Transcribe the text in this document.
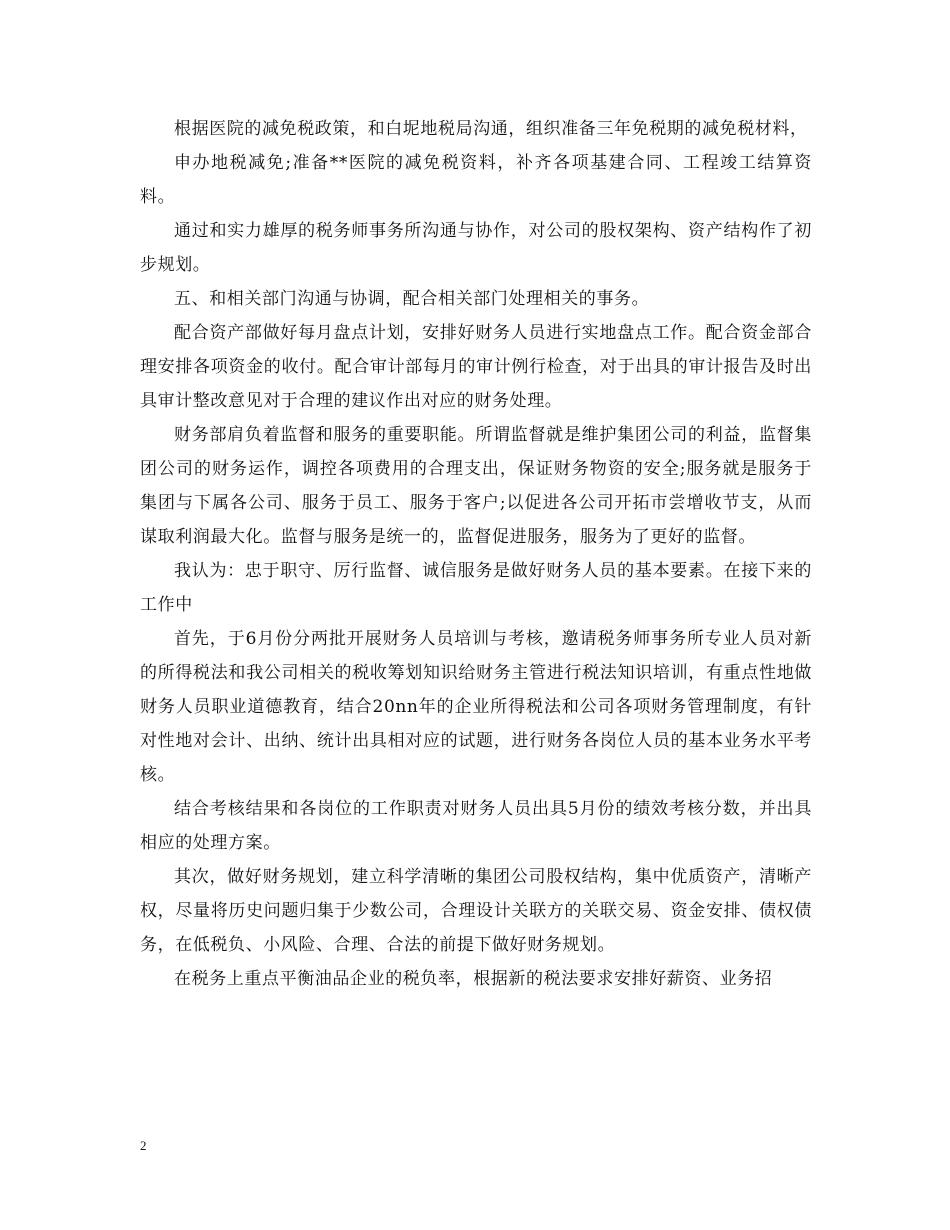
根据医院的减免税政策，和白坭地税局沟通，组织准备三年免税期的减免税材料，

申办地税减免;准备**医院的减免税资料，补齐各项基建合同、工程竣工结算资料。

通过和实力雄厚的税务师事务所沟通与协作，对公司的股权架构、资产结构作了初步规划。

五、和相关部门沟通与协调，配合相关部门处理相关的事务。

配合资产部做好每月盘点计划，安排好财务人员进行实地盘点工作。配合资金部合理安排各项资金的收付。配合审计部每月的审计例行检查，对于出具的审计报告及时出具审计整改意见对于合理的建议作出对应的财务处理。

财务部肩负着监督和服务的重要职能。所谓监督就是维护集团公司的利益，监督集团公司的财务运作，调控各项费用的合理支出，保证财务物资的安全;服务就是服务于集团与下属各公司、服务于员工、服务于客户;以促进各公司开拓市尝增收节支，从而谋取利润最大化。监督与服务是统一的，监督促进服务，服务为了更好的监督。

我认为：忠于职守、厉行监督、诚信服务是做好财务人员的基本要素。在接下来的工作中

首先，于6月份分两批开展财务人员培训与考核，邀请税务师事务所专业人员对新的所得税法和我公司相关的税收筹划知识给财务主管进行税法知识培训，有重点性地做财务人员职业道德教育，结合20nn年的企业所得税法和公司各项财务管理制度，有针对性地对会计、出纳、统计出具相对应的试题，进行财务各岗位人员的基本业务水平考核。

结合考核结果和各岗位的工作职责对财务人员出具5月份的绩效考核分数，并出具相应的处理方案。

其次，做好财务规划，建立科学清晰的集团公司股权结构，集中优质资产，清晰产权，尽量将历史问题归集于少数公司，合理设计关联方的关联交易、资金安排、债权债务，在低税负、小风险、合理、合法的前提下做好财务规划。

在税务上重点平衡油品企业的税负率，根据新的税法要求安排好薪资、业务招

2
